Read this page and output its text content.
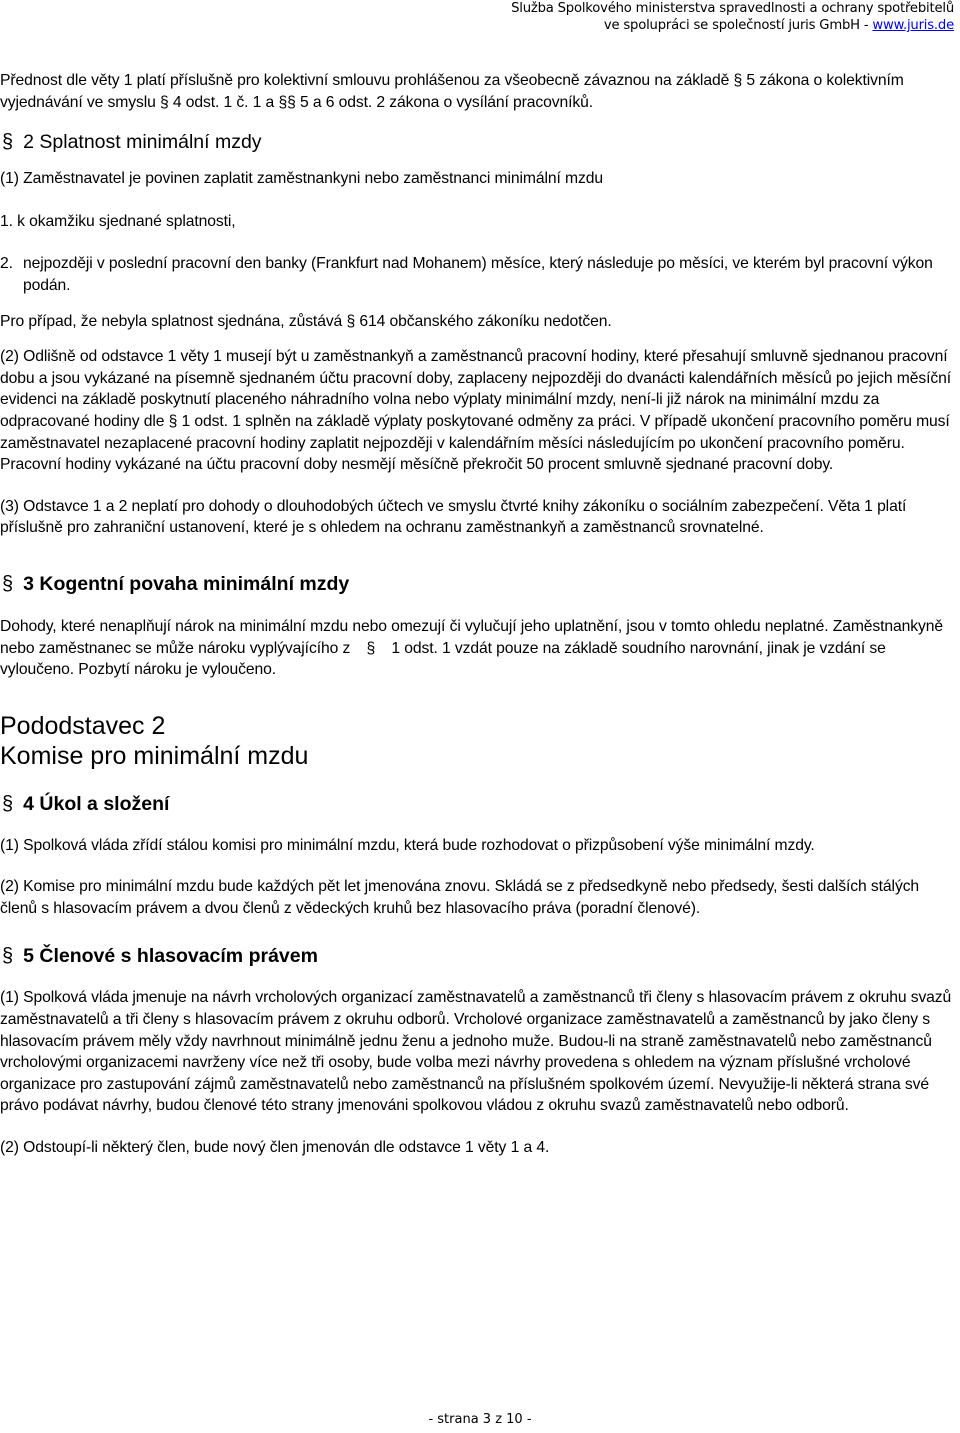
Služba Spolkového ministerstva spravedlnosti a ochrany spotřebitelů
ve spolupráci se společností juris GmbH - www.juris.de

Přednost dle věty 1 platí příslušně pro kolektivní smlouvu prohlášenou za všeobecně závaznou na základě § 5 zákona o kolektivním vyjednávání ve smyslu § 4 odst. 1 č. 1 a §§ 5 a 6 odst. 2 zákona o vysílání pracovníků.

§ 2 Splatnost minimální mzdy

(1) Zaměstnavatel je povinen zaplatit zaměstnankyni nebo zaměstnanci minimální mzdu

1. k okamžiku sjednané splatnosti,

2. nejpozději v poslední pracovní den banky (Frankfurt nad Mohanem) měsíce, který následuje po měsíci, ve kterém byl pracovní výkon podán.

Pro případ, že nebyla splatnost sjednána, zůstává § 614 občanského zákoníku nedotčen.

(2) Odlišně od odstavce 1 věty 1 musejí být u zaměstnankyň a zaměstnanců pracovní hodiny, které přesahují smluvně sjednanou pracovní dobu a jsou vykázané na písemně sjednaném účtu pracovní doby, zaplaceny nejpozději do dvanácti kalendářních měsíců po jejich měsíční evidenci na základě poskytnutí placeného náhradního volna nebo výplaty minimální mzdy, není-li již nárok na minimální mzdu za odpracované hodiny dle § 1 odst. 1 splněn na základě výplaty poskytované odměny za práci. V případě ukončení pracovního poměru musí zaměstnavatel nezaplacené pracovní hodiny zaplatit nejpozději v kalendářním měsíci následujícím po ukončení pracovního poměru. Pracovní hodiny vykázané na účtu pracovní doby nesmějí měsíčně překročit 50 procent smluvně sjednané pracovní doby.

(3) Odstavce 1 a 2 neplatí pro dohody o dlouhodobých účtech ve smyslu čtvrté knihy zákoníku o sociálním zabezpečení. Věta 1 platí příslušně pro zahraniční ustanovení, které je s ohledem na ochranu zaměstnankyň a zaměstnanců srovnatelné.

§ 3 Kogentní povaha minimální mzdy

Dohody, které nenaplňují nárok na minimální mzdu nebo omezují či vylučují jeho uplatnění, jsou v tomto ohledu neplatné. Zaměstnankyně nebo zaměstnanec se může nároku vyplývajícího z § 1 odst. 1 vzdát pouze na základě soudního narovnání, jinak je vzdání se vyloučeno. Pozbytí nároku je vyloučeno.

Pododstavec 2
Komise pro minimální mzdu
§ 4 Úkol a složení

(1) Spolková vláda zřídí stálou komisi pro minimální mzdu, která bude rozhodovat o přizpůsobení výše minimální mzdy.

(2) Komise pro minimální mzdu bude každých pět let jmenována znovu. Skládá se z předsedkyně nebo předsedy, šesti dalších stálých členů s hlasovacím právem a dvou členů z vědeckých kruhů bez hlasovacího práva (poradní členové).

§ 5 Členové s hlasovacím právem

(1) Spolková vláda jmenuje na návrh vrcholových organizací zaměstnavatelů a zaměstnanců tři členy s hlasovacím právem z okruhu svazů zaměstnavatelů a tři členy s hlasovacím právem z okruhu odborů. Vrcholové organizace zaměstnavatelů a zaměstnanců by jako členy s hlasovacím právem měly vždy navrhnout minimálně jednu ženu a jednoho muže. Budou-li na straně zaměstnavatelů nebo zaměstnanců vrcholovými organizacemi navrženy více než tři osoby, bude volba mezi návrhy provedena s ohledem na význam příslušné vrcholové organizace pro zastupování zájmů zaměstnavatelů nebo zaměstnanců na příslušném spolkovém území. Nevyužije-li některá strana své právo podávat návrhy, budou členové této strany jmenováni spolkovou vládou z okruhu svazů zaměstnavatelů nebo odborů.

(2) Odstoupí-li některý člen, bude nový člen jmenován dle odstavce 1 věty 1 a 4.

- strana 3 z 10 -
